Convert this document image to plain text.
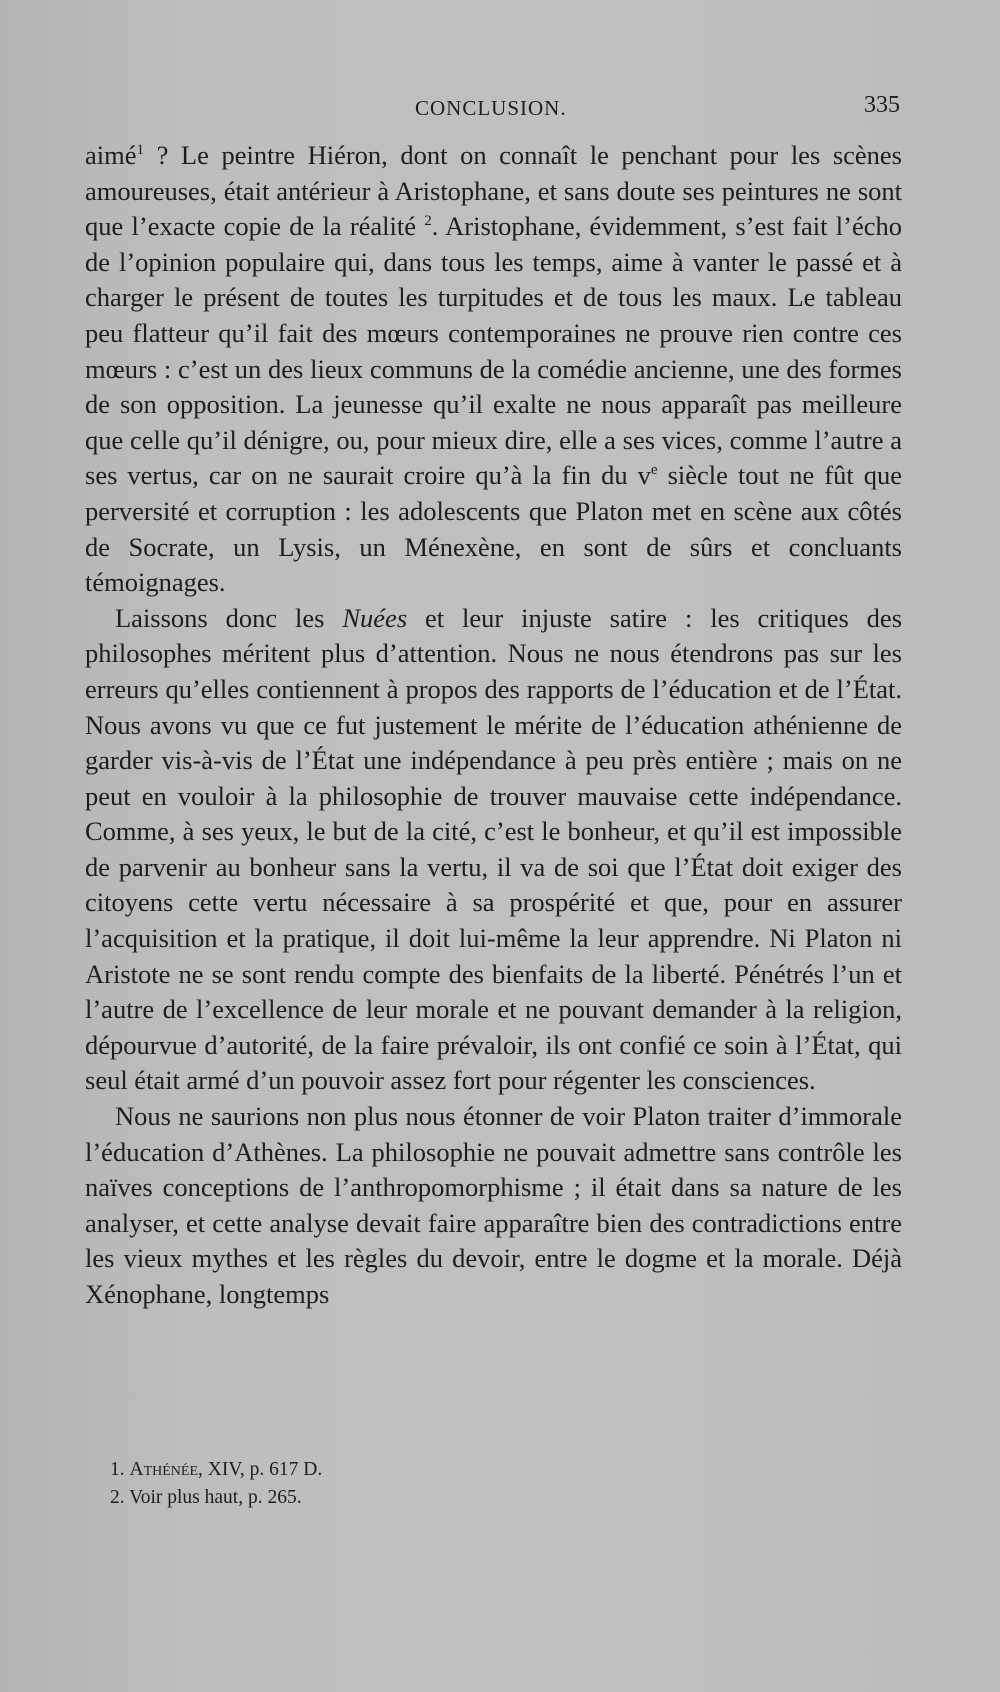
CONCLUSION.	335

aimé$^1$ ? Le peintre Hiéron, dont on connaît le penchant pour les scènes amoureuses, était antérieur à Aristophane, et sans doute ses peintures ne sont que l’exacte copie de la réalité $^2$. Aristophane, évidemment, s’est fait l’écho de l’opinion populaire qui, dans tous les temps, aime à vanter le passé et à charger le présent de toutes les turpitudes et de tous les maux. Le tableau peu flatteur qu’il fait des mœurs contemporaines ne prouve rien contre ces mœurs : c’est un des lieux communs de la comédie ancienne, une des formes de son opposition. La jeunesse qu’il exalte ne nous apparaît pas meilleure que celle qu’il dénigre, ou, pour mieux dire, elle a ses vices, comme l’autre a ses vertus, car on ne saurait croire qu’à la fin du $v^e$ siècle tout ne fût que perversité et corruption : les adolescents que Platon met en scène aux côtés de Socrate, un Lysis, un Ménexène, en sont de sûrs et concluants témoignages.

Laissons donc les Nuées et leur injuste satire : les critiques des philosophes méritent plus d’attention. Nous ne nous étendrons pas sur les erreurs qu’elles contiennent à propos des rapports de l’éducation et de l’État. Nous avons vu que ce fut justement le mérite de l’éducation athénienne de garder vis-à-vis de l’État une indépendance à peu près entière ; mais on ne peut en vouloir à la philosophie de trouver mauvaise cette indépendance. Comme, à ses yeux, le but de la cité, c’est le bonheur, et qu’il est impossible de parvenir au bonheur sans la vertu, il va de soi que l’État doit exiger des citoyens cette vertu nécessaire à sa prospérité et que, pour en assurer l’acquisition et la pratique, il doit lui-même la leur apprendre. Ni Platon ni Aristote ne se sont rendu compte des bienfaits de la liberté. Pénétrés l’un et l’autre de l’excellence de leur morale et ne pouvant demander à la religion, dépourvue d’autorité, de la faire prévaloir, ils ont confié ce soin à l’État, qui seul était armé d’un pouvoir assez fort pour régenter les consciences.

Nous ne saurions non plus nous étonner de voir Platon traiter d’immorale l’éducation d’Athènes. La philosophie ne pouvait admettre sans contrôle les naïves conceptions de l’anthropomorphisme ; il était dans sa nature de les analyser, et cette analyse devait faire apparaître bien des contradictions entre les vieux mythes et les règles du devoir, entre le dogme et la morale. Déjà Xénophane, longtemps

1. Athénée, XIV, p. 617 D.

2. Voir plus haut, p. 265.
